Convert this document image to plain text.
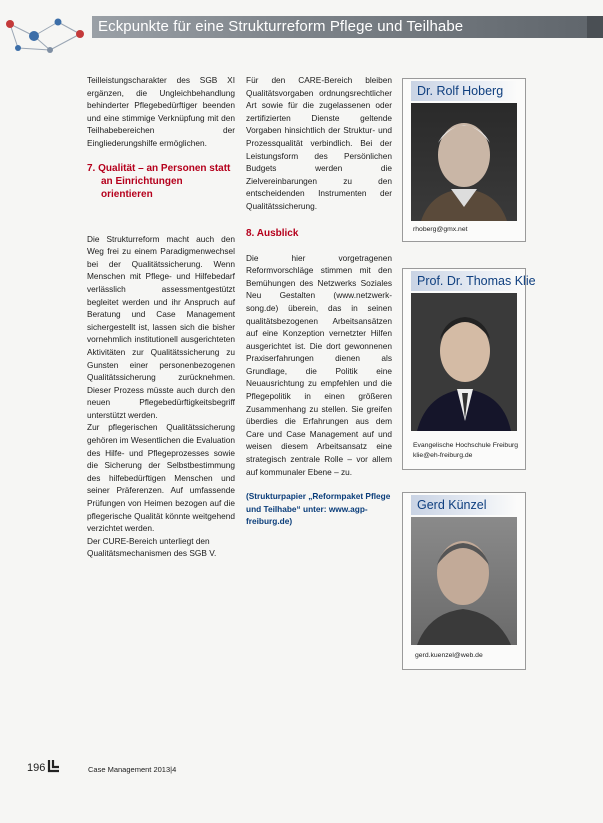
Eckpunkte für eine Strukturreform Pflege und Teilhabe

Teilleistungscharakter des SGB XI ergänzen, die Ungleichbehandlung behinderter Pflegebedürftiger beenden und eine stimmige Verknüpfung mit den Teilhabebereichen der Eingliederungshilfe ermöglichen.

7. Qualität – an Personen statt an Einrichtungen orientieren

Die Strukturreform macht auch den Weg frei zu einem Paradigmenwechsel bei der Qualitätssicherung. Wenn Menschen mit Pflege- und Hilfebedarf verlässlich assessmentgestützt begleitet werden und ihr Anspruch auf Beratung und Case Management sichergestellt ist, lassen sich die bisher vornehmlich institutionell ausgerichteten Aktivitäten zur Qualitätssicherung zu Gunsten einer personenbezogenen Qualitätssicherung zurücknehmen. Dieser Prozess müsste auch durch den neuen Pflegebedürftigkeitsbegriff unterstützt werden.

Zur pflegerischen Qualitätssicherung gehören im Wesentlichen die Evaluation des Hilfe- und Pflegeprozesses sowie die Sicherung der Selbstbestimmung des hilfebedürftigen Menschen und seiner Präferenzen. Auf umfassende Prüfungen von Heimen bezogen auf die pflegerische Qualität könnte weitgehend verzichtet werden.

Der CURE-Bereich unterliegt den Qualitätsmechanismen des SGB V.

Für den CARE-Bereich bleiben Qualitätsvorgaben ordnungsrechtlicher Art sowie für die zugelassenen oder zertifizierten Dienste geltende Vorgaben hinsichtlich der Struktur- und Prozessqualität verbindlich. Bei der Leistungsform des Persönlichen Budgets werden die Zielvereinbarungen zu den entscheidenden Instrumenten der Qualitätssicherung.

8. Ausblick

Die hier vorgetragenen Reformvorschläge stimmen mit den Bemühungen des Netzwerks Soziales Neu Gestalten (www.netzwerk-song.de) überein, das in seinen qualitätsbezogenen Arbeitsansätzen auf eine Konzeption vernetzter Hilfen ausgerichtet ist. Die dort gewonnenen Praxiserfahrungen dienen als Grundlage, die Politik eine Neuausrichtung zu empfehlen und die Pflegepolitik in einen größeren Zusammenhang zu stellen. Sie greifen überdies die Erfahrungen aus dem Care und Case Management auf und weisen diesem Arbeitsansatz eine strategisch zentrale Rolle – vor allem auf kommunaler Ebene – zu.

(Strukturpapier „Reformpaket Pflege und Teilhabe“ unter: www.agp-freiburg.de)

Dr. Rolf Hoberg
rhoberg@gmx.net
Prof. Dr. Thomas Klie
Evangelische Hochschule Freiburg
klie@eh-freiburg.de
Gerd Künzel
gerd.kuenzel@web.de
196	Case Management 2013|4
